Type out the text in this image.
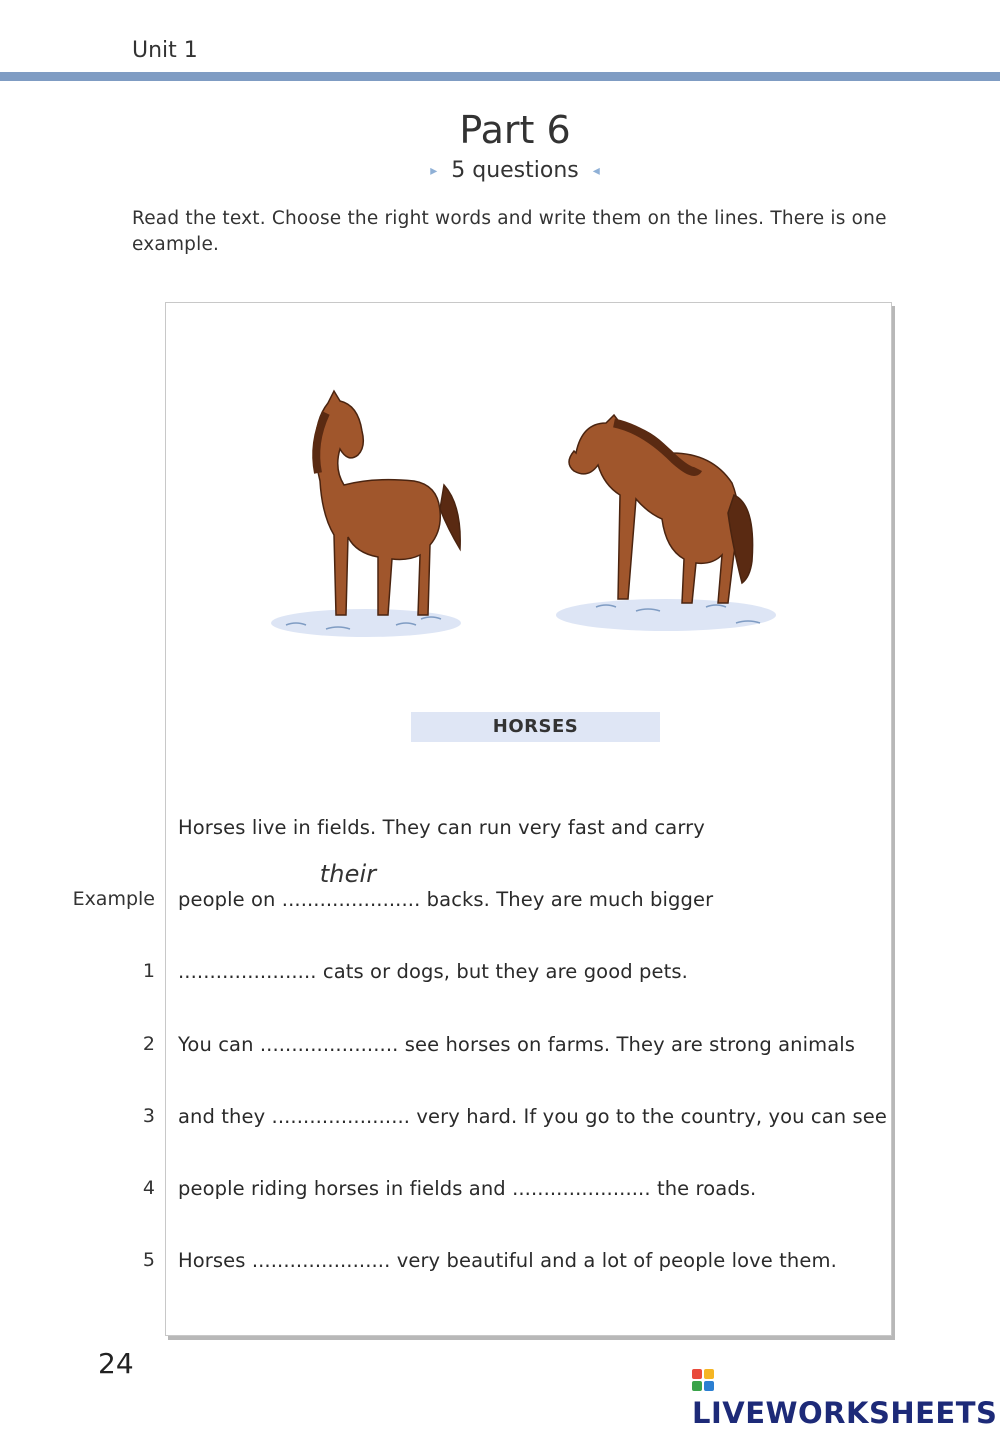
Unit 1
Part 6
▸ 5 questions ◂
Read the text. Choose the right words and write them on the lines. There is one example.
HORSES
Horses live in fields. They can run very fast and carry
Example people on ......................
their
backs. They are much bigger
1 ...................... cats or dogs, but they are good pets.
2 You can ...................... see horses on farms. They are strong animals
3 and they ...................... very hard. If you go to the country, you can see
4 people riding horses in fields and ...................... the roads.
5 Horses ...................... very beautiful and a lot of people love them.
24
LIVEWORKSHEETS
